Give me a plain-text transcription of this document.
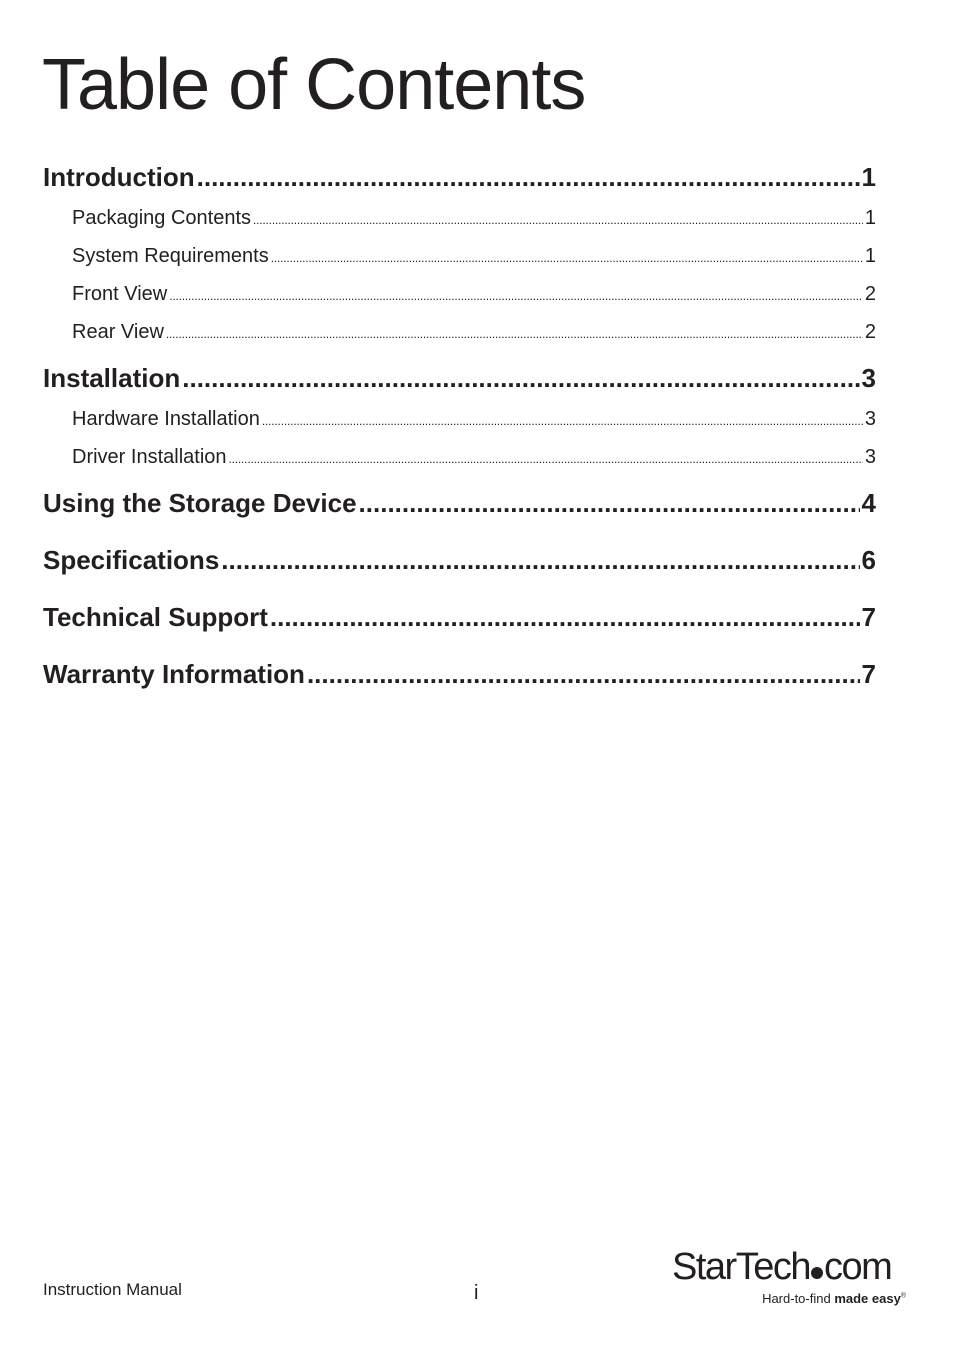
Table of Contents
Introduction .....	1
Packaging Contents .....	1
System Requirements .....	1
Front View .....	2
Rear View .....	2
Installation .....	3
Hardware Installation .....	3
Driver Installation .....	3
Using the Storage Device .....	4
Specifications .....	6
Technical Support .....	7
Warranty Information .....	7
Instruction Manual	i
StarTech com
Hard-to-find made easy®
